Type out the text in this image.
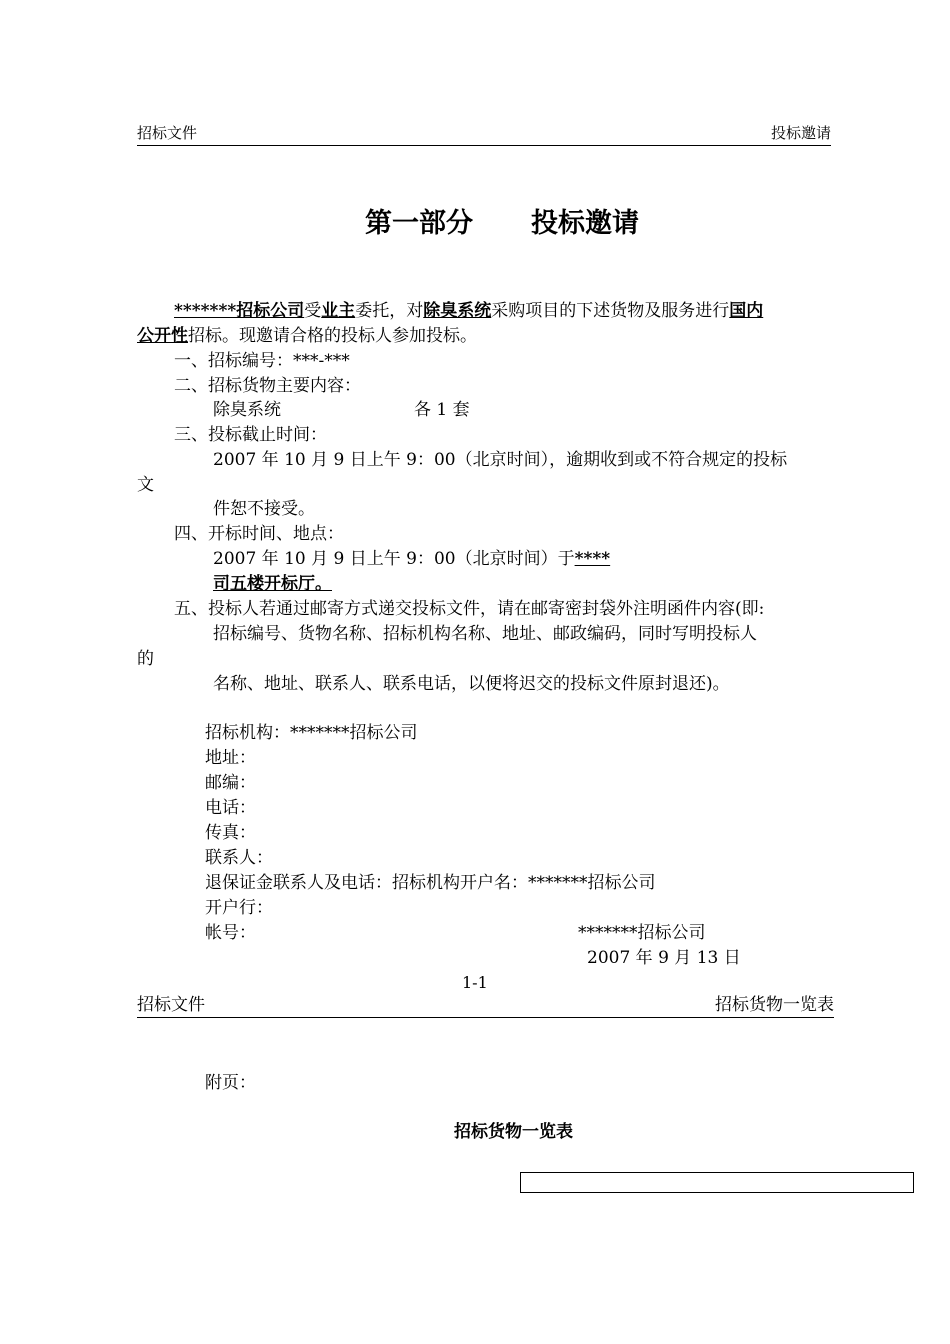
招标文件	投标邀请
第一部分 投标邀请
*******招标公司受业主委托，对除臭系统采购项目的下述货物及服务进行国内
公开性招标。现邀请合格的投标人参加投标。
一、招标编号：***-***
二、招标货物主要内容：
除臭系统	各 1 套
三、投标截止时间：
2007 年 10 月 9 日上午 9：00（北京时间），逾期收到或不符合规定的投标
文
件恕不接受。
四、开标时间、地点：
2007 年 10 月 9 日上午 9：00（北京时间）于****
司五楼开标厅。
五、投标人若通过邮寄方式递交投标文件，请在邮寄密封袋外注明函件内容(即:
招标编号、货物名称、招标机构名称、地址、邮政编码，同时写明投标人
的
名称、地址、联系人、联系电话，以便将迟交的投标文件原封退还)。
招标机构：*******招标公司
地址：
邮编：
电话：
传真：
联系人：
退保证金联系人及电话：招标机构开户名：*******招标公司
开户行：
帐号：	*******招标公司
2007 年 9 月 13 日
1-1
招标文件	招标货物一览表
附页：
招标货物一览表
